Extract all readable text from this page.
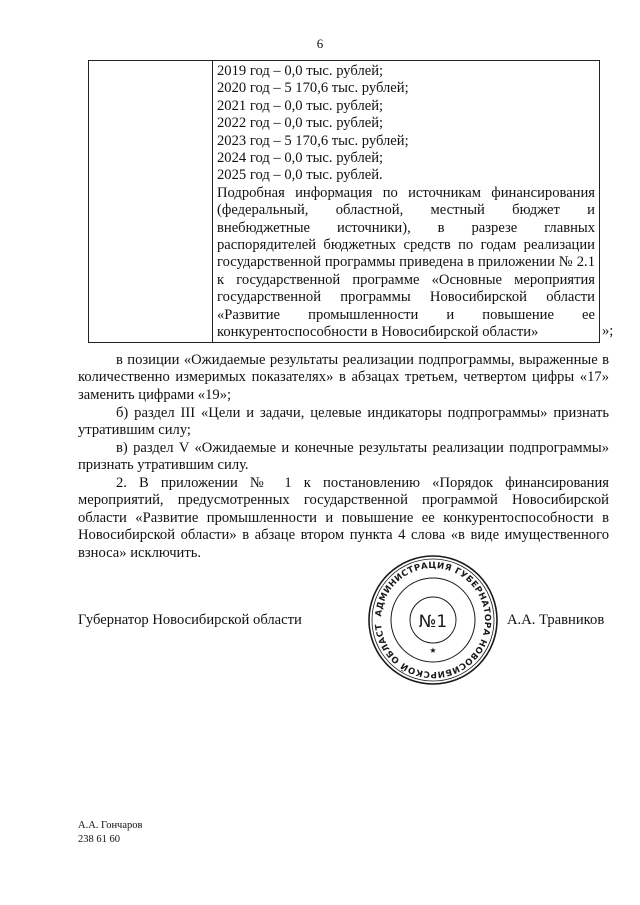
6
2019 год – 0,0 тыс. рублей;
2020 год – 5 170,6 тыс. рублей;
2021 год – 0,0 тыс. рублей;
2022 год – 0,0 тыс. рублей;
2023 год – 5 170,6 тыс. рублей;
2024 год – 0,0 тыс. рублей;
2025 год – 0,0 тыс. рублей.
Подробная информация по источникам финансирования (федеральный, областной, местный бюджет и внебюджетные источники), в разрезе главных распорядителей бюджетных средств по годам реализации государственной программы приведена в приложении № 2.1 к государственной программе «Основные мероприятия государственной программы Новосибирской области «Развитие промышленности и повышение ее конкурентоспособности в Новосибирской области»	»;
в позиции «Ожидаемые результаты реализации подпрограммы, выраженные в количественно измеримых показателях» в абзацах третьем, четвертом цифры «17» заменить цифрами «19»;
б) раздел III «Цели и задачи, целевые индикаторы подпрограммы» признать утратившим силу;
в) раздел V «Ожидаемые и конечные результаты реализации подпрограммы» признать утратившим силу.
2. В приложении № 1 к постановлению «Порядок финансирования мероприятий, предусмотренных государственной программой Новосибирской области «Развитие промышленности и повышение ее конкурентоспособности в Новосибирской области» в абзаце втором пункта 4 слова «в виде имущественного взноса» исключить.
Губернатор Новосибирской области	АДМИНИСТРАЦИЯ ГУБЕРНАТОРА НОВОСИБИРСКОЙ ОБЛАСТ	№1
★
А.А. Травников
А.А. Гончаров
238 61 60
